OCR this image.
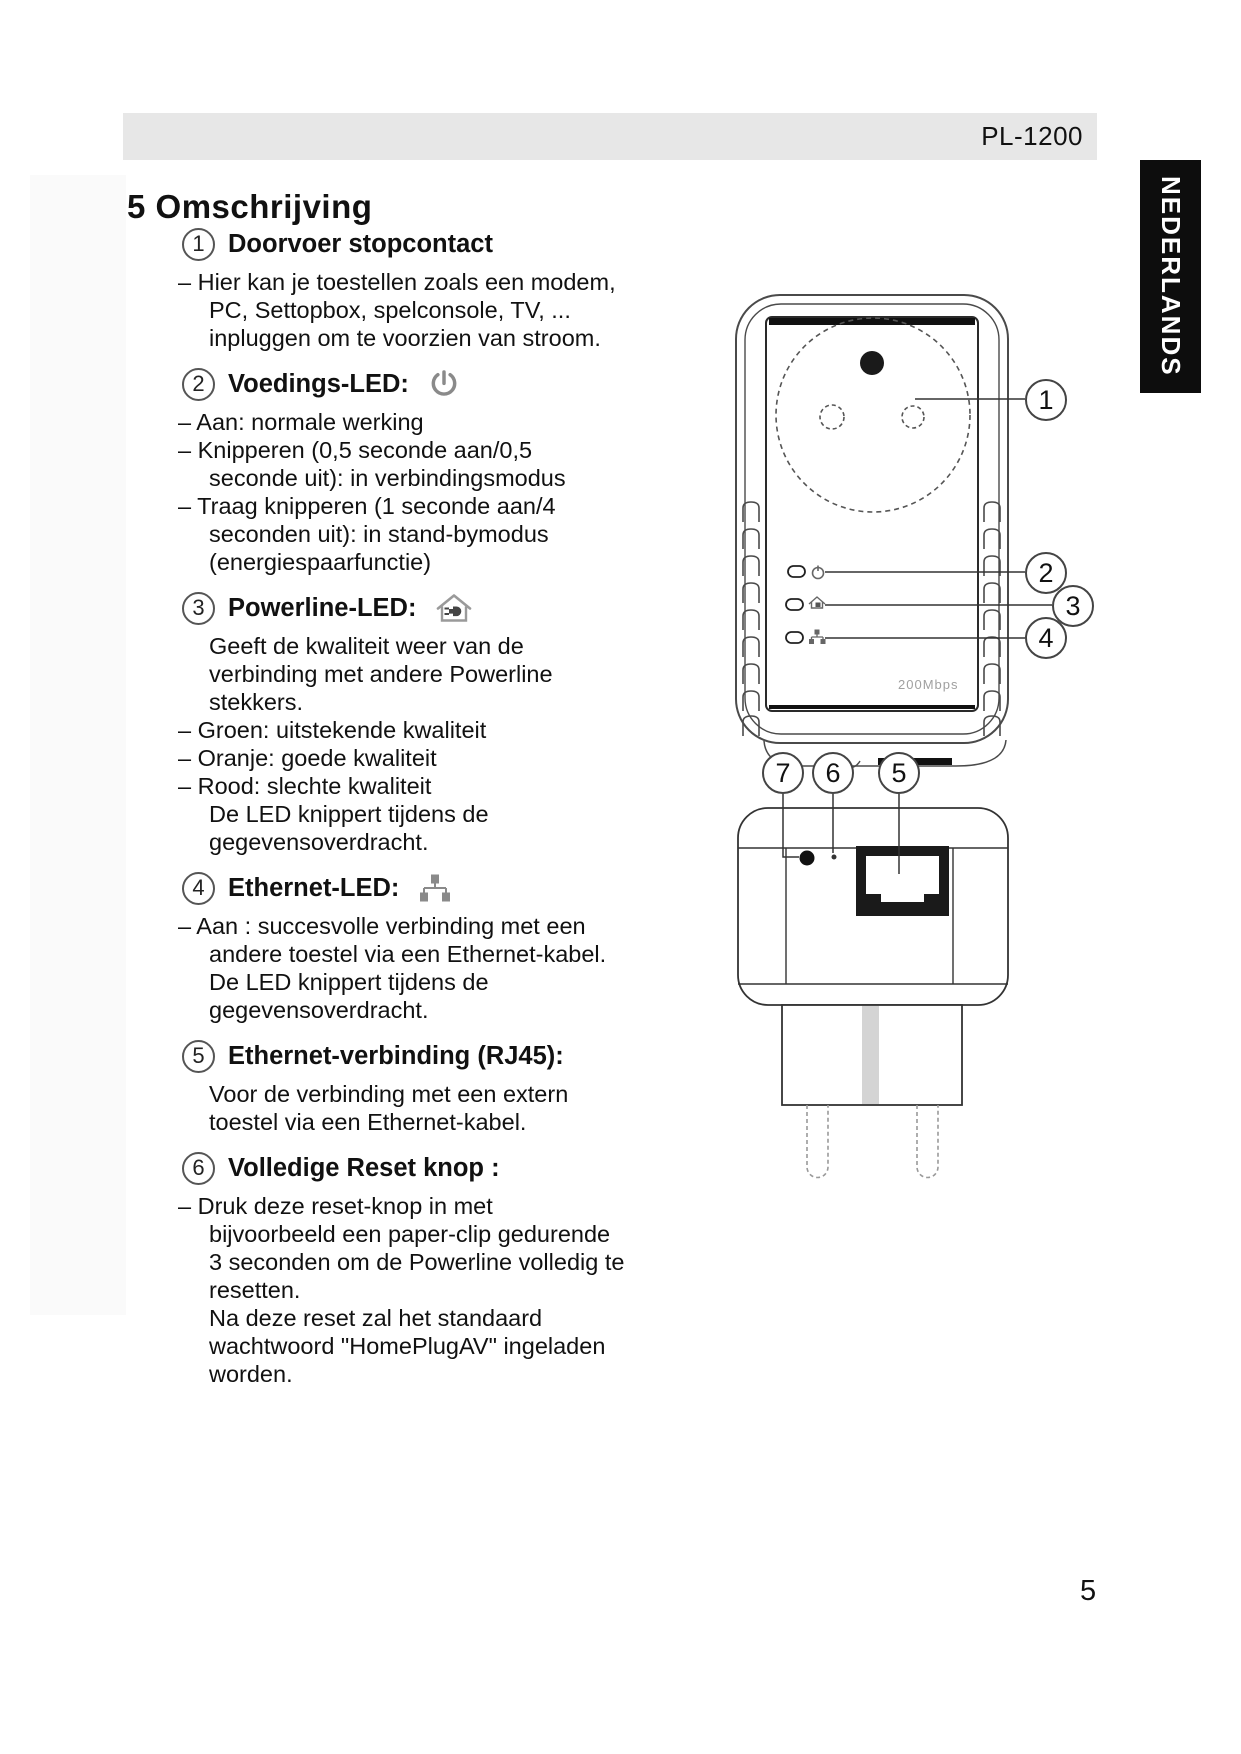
PL-1200
NEDERLANDS
5 Omschrijving
1 Doorvoer stopcontact
– Hier kan je toestellen zoals een modem,
PC, Settopbox, spelconsole, TV, ...
inpluggen om te voorzien van stroom.
2 Voedings-LED:
– Aan: normale werking
– Knipperen (0,5 seconde aan/0,5
seconde uit): in verbindingsmodus
– Traag knipperen (1 seconde aan/4
seconden uit): in stand-bymodus
(energiespaarfunctie)
3 Powerline-LED:
Geeft de kwaliteit weer van de
verbinding met andere Powerline
stekkers.
– Groen: uitstekende kwaliteit
– Oranje: goede kwaliteit
– Rood: slechte kwaliteit
De LED knippert tijdens de
gegevensoverdracht.
4 Ethernet-LED:
– Aan : succesvolle verbinding met een
andere toestel via een Ethernet-kabel.
De LED knippert tijdens de
gegevensoverdracht.
5 Ethernet-verbinding (RJ45):
Voor de verbinding met een extern
toestel via een Ethernet-kabel.
6 Volledige Reset knop :
– Druk deze reset-knop in met
bijvoorbeeld een paper-clip gedurende
3 seconden om de Powerline volledig te
resetten.
Na deze reset zal het standaard
wachtwoord "HomePlugAV" ingeladen
worden.
1
2
3
4
7	6	5
200Mbps
5
